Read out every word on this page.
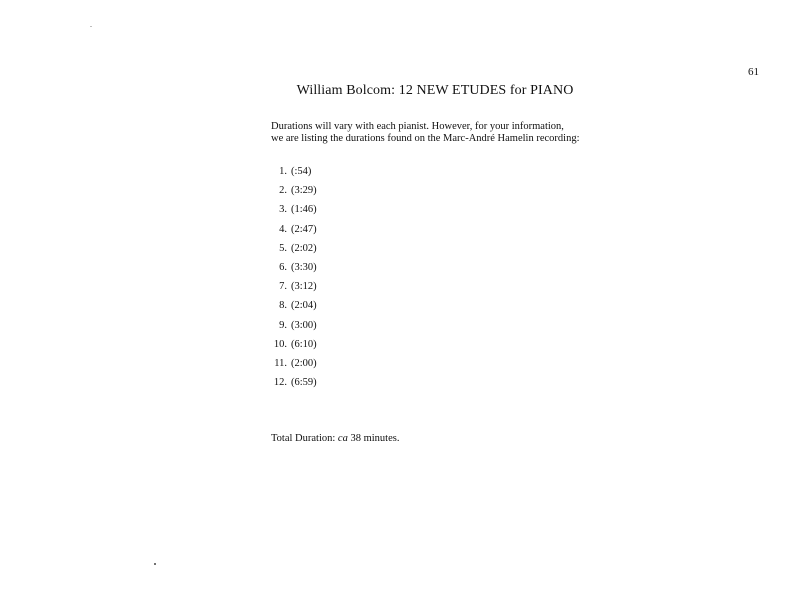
61
William Bolcom: 12 NEW ETUDES for PIANO
Durations will vary with each pianist. However, for your information,
we are listing the durations found on the Marc-André Hamelin recording:
1. (:54)
2. (3:29)
3. (1:46)
4. (2:47)
5. (2:02)
6. (3:30)
7. (3:12)
8. (2:04)
9. (3:00)
10. (6:10)
11. (2:00)
12. (6:59)
Total Duration: ca 38 minutes.
